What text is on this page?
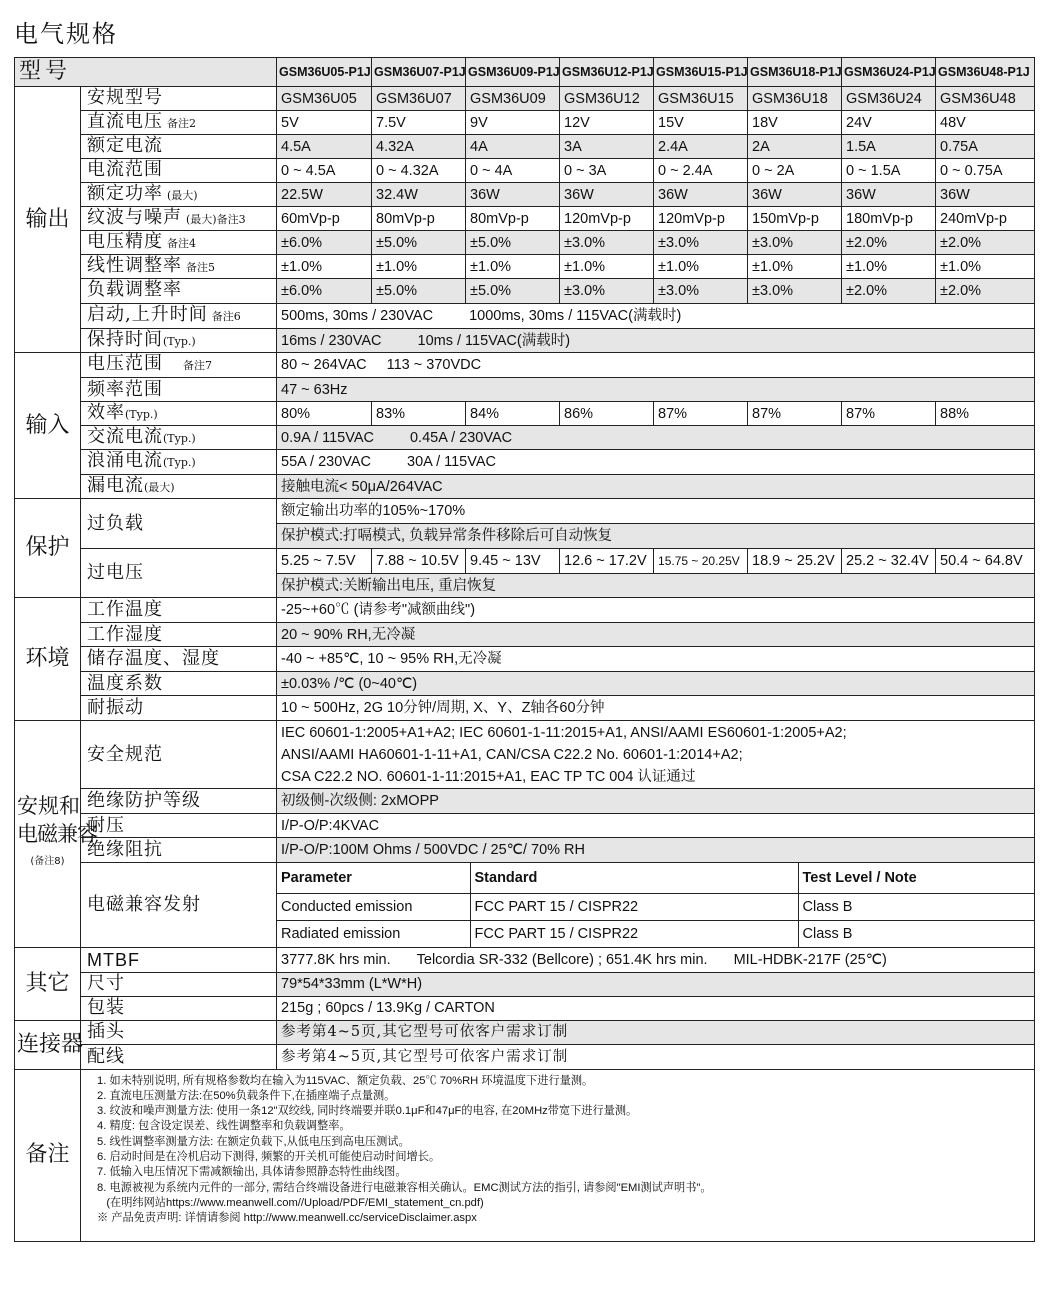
电气规格
型号	GSM36U05-P1J	GSM36U07-P1J	GSM36U09-P1J	GSM36U12-P1J	GSM36U15-P1J	GSM36U18-P1J	GSM36U24-P1J	GSM36U48-P1J
输出	安规型号	GSM36U05	GSM36U07	GSM36U09	GSM36U12	GSM36U15	GSM36U18	GSM36U24	GSM36U48
直流电压 备注2	5V	7.5V	9V	12V	15V	18V	24V	48V
额定电流	4.5A	4.32A	4A	3A	2.4A	2A	1.5A	0.75A
电流范围	0 ~ 4.5A	0 ~ 4.32A	0 ~ 4A	0 ~ 3A	0 ~ 2.4A	0 ~ 2A	0 ~ 1.5A	0 ~ 0.75A
额定功率 (最大)	22.5W	32.4W	36W	36W	36W	36W	36W	36W
纹波与噪声 (最大)备注3	60mVp-p	80mVp-p	80mVp-p	120mVp-p	120mVp-p	150mVp-p	180mVp-p	240mVp-p
电压精度 备注4	±6.0%	±5.0%	±5.0%	±3.0%	±3.0%	±3.0%	±2.0%	±2.0%
线性调整率 备注5	±1.0%	±1.0%	±1.0%	±1.0%	±1.0%	±1.0%	±1.0%	±1.0%
负载调整率	±6.0%	±5.0%	±5.0%	±3.0%	±3.0%	±3.0%	±2.0%	±2.0%
启动,上升时间 备注6	500ms, 30ms / 230VAC 1000ms, 30ms / 115VAC(满载时)
保持时间(Typ.)	16ms / 230VAC 10ms / 115VAC(满载时)
输入	电压范围 备注7	80 ~ 264VAC 113 ~ 370VDC
频率范围	47 ~ 63Hz
效率(Typ.)	80%	83%	84%	86%	87%	87%	87%	88%
交流电流(Typ.)	0.9A / 115VAC 0.45A / 230VAC
浪涌电流(Typ.)	55A / 230VAC 30A / 115VAC
漏电流(最大)	接触电流< 50μA/264VAC
保护	过负载	额定输出功率的105%~170%
保护模式:打嗝模式, 负载异常条件移除后可自动恢复
过电压	5.25 ~ 7.5V	7.88 ~ 10.5V	9.45 ~ 13V	12.6 ~ 17.2V	15.75 ~ 20.25V	18.9 ~ 25.2V	25.2 ~ 32.4V	50.4 ~ 64.8V
保护模式:关断输出电压, 重启恢复
环境	工作温度	-25~+60℃ (请参考"减额曲线")
工作湿度	20 ~ 90% RH,无冷凝
储存温度、湿度	-40 ~ +85℃, 10 ~ 95% RH,无冷凝
温度系数	±0.03% /℃ (0~40℃)
耐振动	10 ~ 500Hz, 2G 10分钟/周期, X、Y、Z轴各60分钟

安规和
电磁兼容
(备注8)
	安全规范	
IEC 60601-1:2005+A1+A2; IEC 60601-1-11:2015+A1, ANSI/AAMI ES60601-1:2005+A2;
ANSI/AAMI HA60601-1-11+A1, CAN/CSA C22.2 No. 60601-1:2014+A2;
CSA C22.2 NO. 60601-1-11:2015+A1, EAC TP TC 004 认证通过

绝缘防护等级	初级侧-次级侧: 2xMOPP
耐压	I/P-O/P:4KVAC
绝缘阻抗	I/P-O/P:100M Ohms / 500VDC / 25℃/ 70% RH
电磁兼容发射	
Parameter	Standard	Test Level / Note
Conducted emission	FCC PART 15 / CISPR22	Class B
Radiated emission	FCC PART 15 / CISPR22	Class B

其它	MTBF	3777.8K hrs min. Telcordia SR-332 (Bellcore) ; 651.4K hrs min. MIL-HDBK-217F (25℃)
尺寸	79*54*33mm (L*W*H)
包装	215g ; 60pcs / 13.9Kg / CARTON
连接器	插头	参考第4~5页,其它型号可依客户需求订制
配线	参考第4~5页,其它型号可依客户需求订制
备注	
1. 如未特别说明, 所有规格参数均在输入为115VAC、额定负载、25℃ 70%RH 环境温度下进行量测。
2. 直流电压测量方法:在50%负载条件下,在插座端子点量测。
3. 纹波和噪声测量方法: 使用一条12"双绞线, 同时终端要并联0.1μF和47μF的电容, 在20MHz带宽下进行量测。
4. 精度: 包含设定误差、线性调整率和负载调整率。
5. 线性调整率测量方法: 在额定负载下,从低电压到高电压测试。
6. 启动时间是在冷机启动下测得, 频繁的开关机可能使启动时间增长。
7. 低输入电压情况下需减额输出, 具体请参照静态特性曲线图。
8. 电源被视为系统内元件的一部分, 需结合终端设备进行电磁兼容相关确认。EMC测试方法的指引, 请参阅"EMI测试声明书"。
(在明纬网站https://www.meanwell.com//Upload/PDF/EMI_statement_cn.pdf)
※ 产品免责声明: 详情请参阅 http://www.meanwell.cc/serviceDisclaimer.aspx
